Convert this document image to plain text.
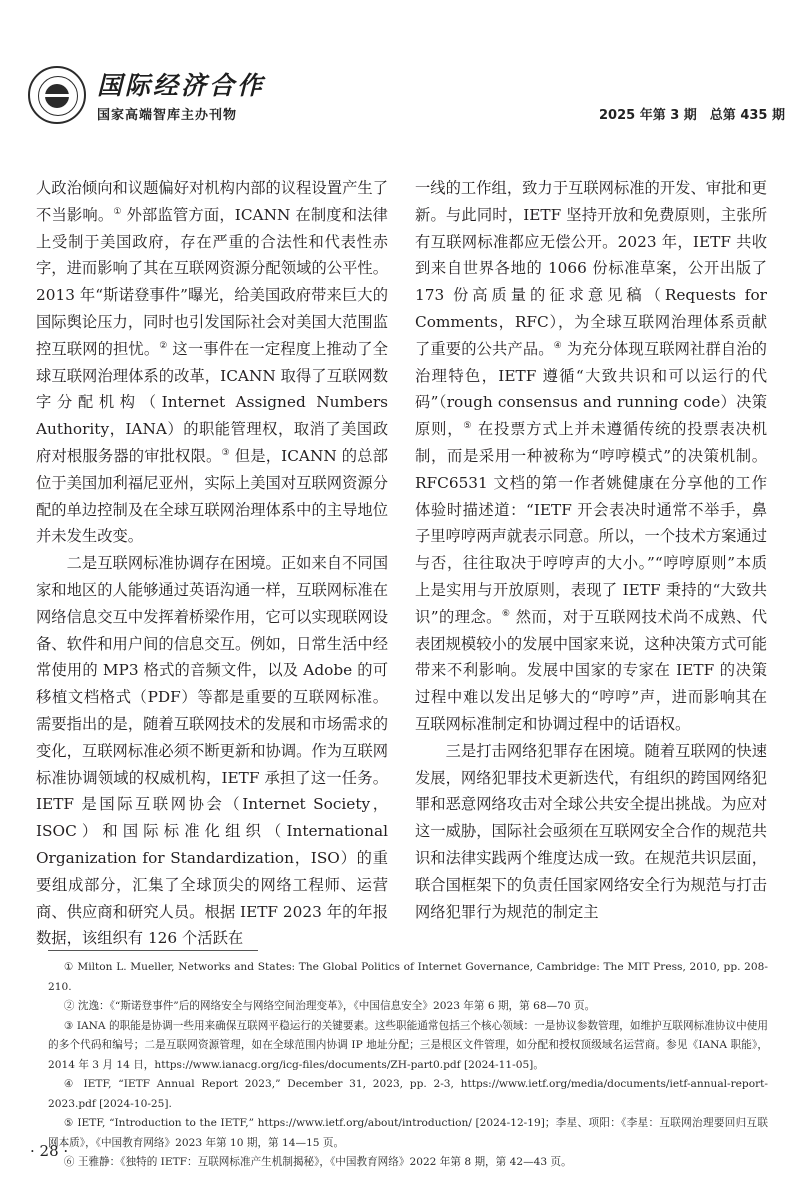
国际经济合作
国家高端智库主办刊物	2025 年第 3 期　总第 435 期

人政治倾向和议题偏好对机构内部的议程设置产生了不当影响。① 外部监管方面，ICANN 在制度和法律上受制于美国政府，存在严重的合法性和代表性赤字，进而影响了其在互联网资源分配领域的公平性。2013 年“斯诺登事件”曝光，给美国政府带来巨大的国际舆论压力，同时也引发国际社会对美国大范围监控互联网的担忧。② 这一事件在一定程度上推动了全球互联网治理体系的改革，ICANN 取得了互联网数字分配机构（Internet Assigned Numbers Authority，IANA）的职能管理权，取消了美国政府对根服务器的审批权限。③ 但是，ICANN 的总部位于美国加利福尼亚州，实际上美国对互联网资源分配的单边控制及在全球互联网治理体系中的主导地位并未发生改变。

二是互联网标准协调存在困境。正如来自不同国家和地区的人能够通过英语沟通一样，互联网标准在网络信息交互中发挥着桥梁作用，它可以实现联网设备、软件和用户间的信息交互。例如，日常生活中经常使用的 MP3 格式的音频文件，以及 Adobe 的可移植文档格式（PDF）等都是重要的互联网标准。需要指出的是，随着互联网技术的发展和市场需求的变化，互联网标准必须不断更新和协调。作为互联网标准协调领域的权威机构，IETF 承担了这一任务。IETF 是国际互联网协会（Internet Society，ISOC）和国际标准化组织（International Organization for Standardization，ISO）的重要组成部分，汇集了全球顶尖的网络工程师、运营商、供应商和研究人员。根据 IETF 2023 年的年报数据，该组织有 126 个活跃在

一线的工作组，致力于互联网标准的开发、审批和更新。与此同时，IETF 坚持开放和免费原则，主张所有互联网标准都应无偿公开。2023 年，IETF 共收到来自世界各地的 1066 份标准草案，公开出版了 173 份高质量的征求意见稿（Requests for Comments，RFC），为全球互联网治理体系贡献了重要的公共产品。④ 为充分体现互联网社群自治的治理特色，IETF 遵循“大致共识和可以运行的代码”（rough consensus and running code）决策原则，⑤ 在投票方式上并未遵循传统的投票表决机制，而是采用一种被称为“哼哼模式”的决策机制。RFC6531 文档的第一作者姚健康在分享他的工作体验时描述道：“IETF 开会表决时通常不举手，鼻子里哼哼两声就表示同意。所以，一个技术方案通过与否，往往取决于哼哼声的大小。”“哼哼原则”本质上是实用与开放原则，表现了 IETF 秉持的“大致共识”的理念。⑥ 然而，对于互联网技术尚不成熟、代表团规模较小的发展中国家来说，这种决策方式可能带来不利影响。发展中国家的专家在 IETF 的决策过程中难以发出足够大的“哼哼”声，进而影响其在互联网标准制定和协调过程中的话语权。

三是打击网络犯罪存在困境。随着互联网的快速发展，网络犯罪技术更新迭代，有组织的跨国网络犯罪和恶意网络攻击对全球公共安全提出挑战。为应对这一威胁，国际社会亟须在互联网安全合作的规范共识和法律实践两个维度达成一致。在规范共识层面，联合国框架下的负责任国家网络安全行为规范与打击网络犯罪行为规范的制定主

① Milton L. Mueller, Networks and States: The Global Politics of Internet Governance, Cambridge: The MIT Press, 2010, pp. 208-210.

② 沈逸：《“斯诺登事件”后的网络安全与网络空间治理变革》，《中国信息安全》2023 年第 6 期，第 68—70 页。

③ IANA 的职能是协调一些用来确保互联网平稳运行的关键要素。这些职能通常包括三个核心领域：一是协议参数管理，如维护互联网标准协议中使用的多个代码和编号；二是互联网资源管理，如在全球范围内协调 IP 地址分配；三是根区文件管理，如分配和授权顶级域名运营商。参见《IANA 职能》，2014 年 3 月 14 日，https://www.ianacg.org/icg-files/documents/ZH-part0.pdf [2024-11-05]。

④ IETF, “IETF Annual Report 2023,” December 31, 2023, pp. 2-3, https://www.ietf.org/media/documents/ietf-annual-report-2023.pdf [2024-10-25].

⑤ IETF, “Introduction to the IETF,” https://www.ietf.org/about/introduction/ [2024-12-19]；李星、项阳：《李星：互联网治理要回归互联网本质》，《中国教育网络》2023 年第 10 期，第 14—15 页。

⑥ 王雅静：《独特的 IETF：互联网标准产生机制揭秘》，《中国教育网络》2022 年第 8 期，第 42—43 页。

· 28 ·
